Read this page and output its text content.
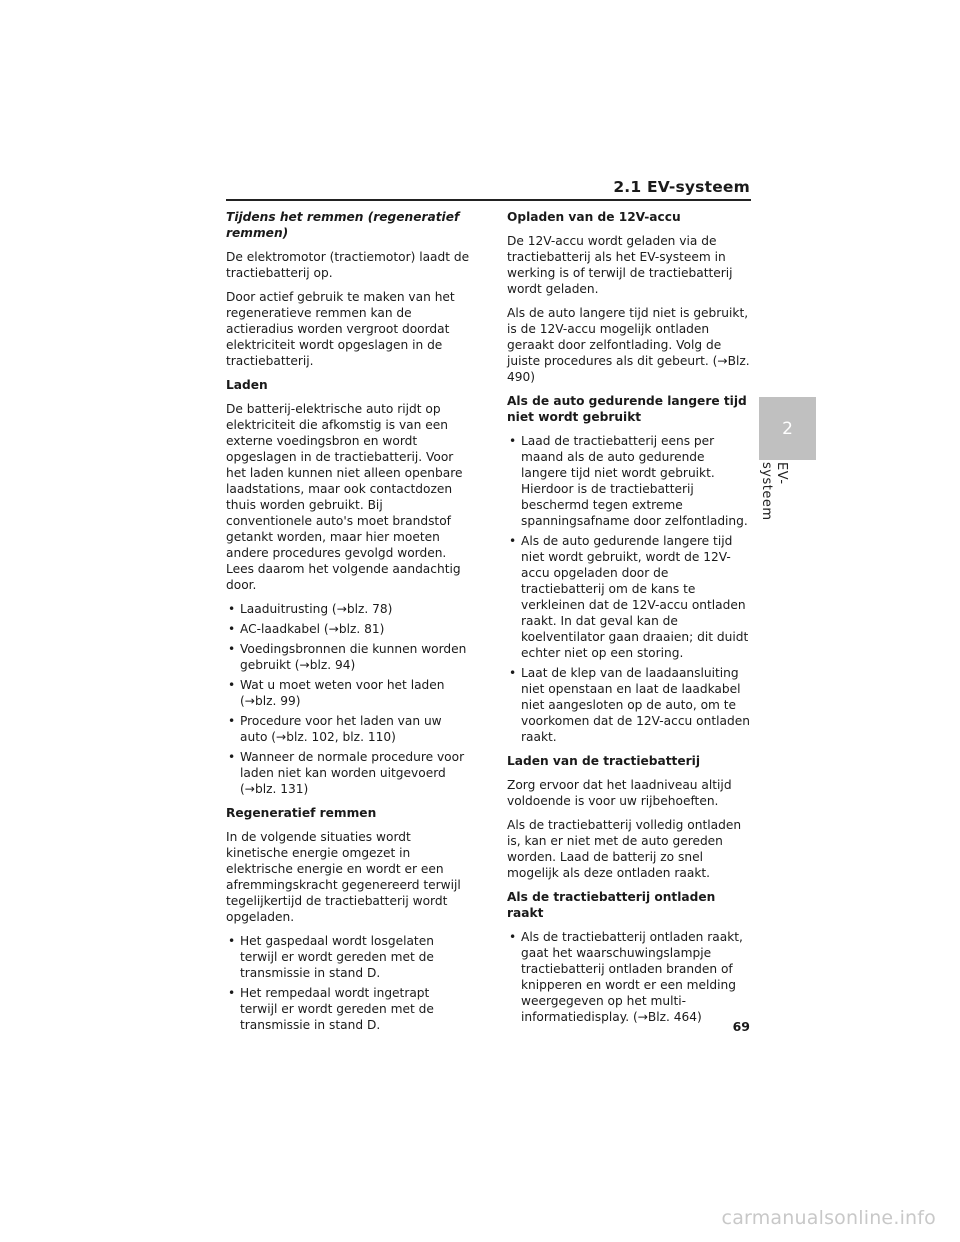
2.1 EV-systeem
2
EV-systeem

Tijdens het remmen (regeneratief remmen)

De elektromotor (tractiemotor) laadt de tractiebatterij op.

Door actief gebruik te maken van het regeneratieve remmen kan de actieradius worden vergroot doordat elektriciteit wordt opgeslagen in de tractiebatterij.

Laden

De batterij-elektrische auto rijdt op elektriciteit die afkomstig is van een externe voedingsbron en wordt opgeslagen in de tractiebatterij. Voor het laden kunnen niet alleen openbare laadstations, maar ook contactdozen thuis worden gebruikt. Bij conventionele auto's moet brandstof getankt worden, maar hier moeten andere procedures gevolgd worden. Lees daarom het volgende aandachtig door.

• Laaduitrusting (→blz. 78)
• AC-laadkabel (→blz. 81)
• Voedingsbronnen die kunnen worden gebruikt (→blz. 94)
• Wat u moet weten voor het laden (→blz. 99)
• Procedure voor het laden van uw auto (→blz. 102, blz. 110)
• Wanneer de normale procedure voor laden niet kan worden uitgevoerd (→blz. 131)

Regeneratief remmen

In de volgende situaties wordt kinetische energie omgezet in elektrische energie en wordt er een afremmingskracht gegenereerd terwijl tegelijkertijd de tractiebatterij wordt opgeladen.

• Het gaspedaal wordt losgelaten terwijl er wordt gereden met de transmissie in stand D.
• Het rempedaal wordt ingetrapt terwijl er wordt gereden met de transmissie in stand D.

Opladen van de 12V-accu

De 12V-accu wordt geladen via de tractiebatterij als het EV-systeem in werking is of terwijl de tractiebatterij wordt geladen.

Als de auto langere tijd niet is gebruikt, is de 12V-accu mogelijk ontladen geraakt door zelfontlading. Volg de juiste procedures als dit gebeurt. (→Blz. 490)

Als de auto gedurende langere tijd niet wordt gebruikt

• Laad de tractiebatterij eens per maand als de auto gedurende langere tijd niet wordt gebruikt. Hierdoor is de tractiebatterij beschermd tegen extreme spanningsafname door zelfontlading.
• Als de auto gedurende langere tijd niet wordt gebruikt, wordt de 12V-accu opgeladen door de tractiebatterij om de kans te verkleinen dat de 12V-accu ontladen raakt. In dat geval kan de koelventilator gaan draaien; dit duidt echter niet op een storing.
• Laat de klep van de laadaansluiting niet openstaan en laat de laadkabel niet aangesloten op de auto, om te voorkomen dat de 12V-accu ontladen raakt.

Laden van de tractiebatterij

Zorg ervoor dat het laadniveau altijd voldoende is voor uw rijbehoeften.

Als de tractiebatterij volledig ontladen is, kan er niet met de auto gereden worden. Laad de batterij zo snel mogelijk als deze ontladen raakt.

Als de tractiebatterij ontladen raakt

• Als de tractiebatterij ontladen raakt, gaat het waarschuwingslampje tractiebatterij ontladen branden of knipperen en wordt er een melding weergegeven op het multi-informatiedisplay. (→Blz. 464)
69
carmanualsonline.info
